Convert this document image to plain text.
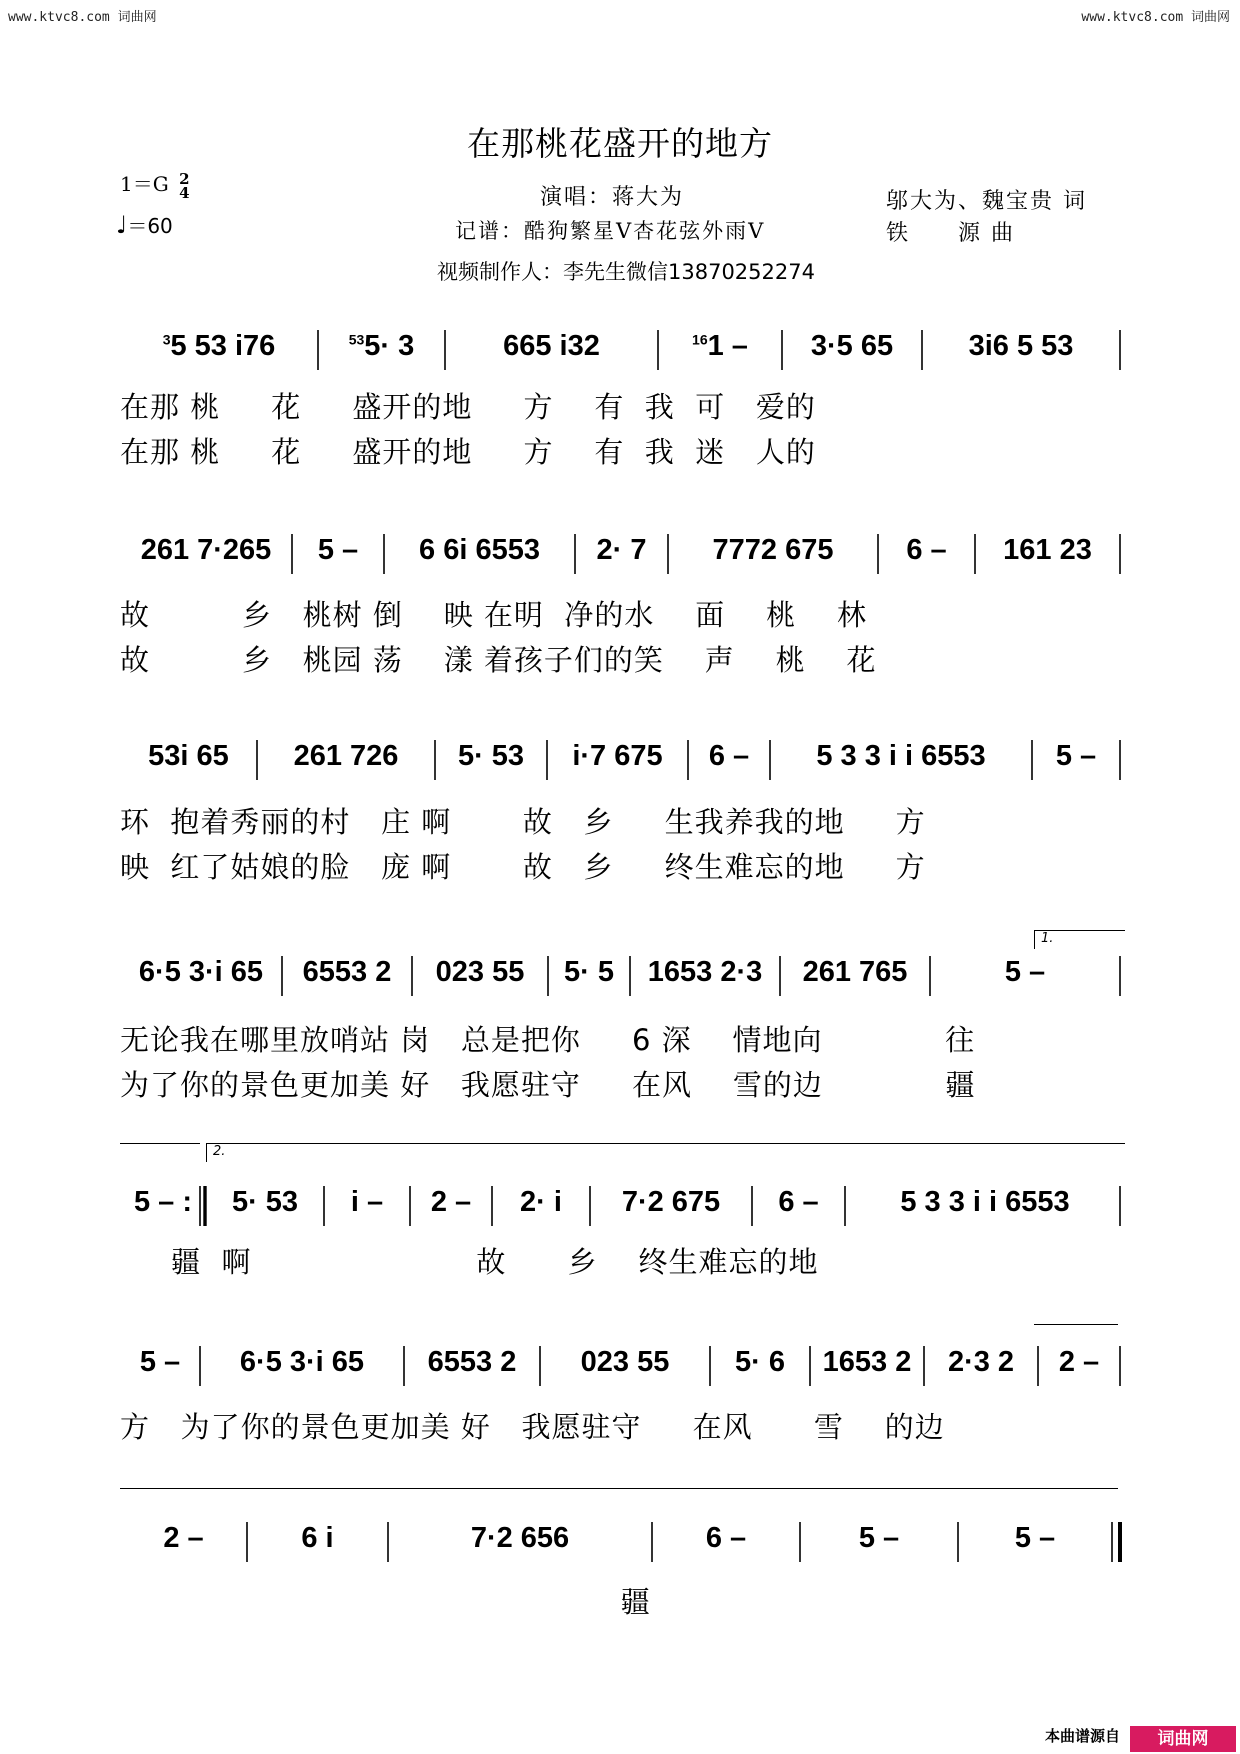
www.ktvc8.com 词曲网	www.ktvc8.com 词曲网
在那桃花盛开的地方
1＝G 2
4
♩＝60
演唱：蒋大为
记谱：酷狗繁星V杏花弦外雨V
视频制作人：李先生微信13870252274
邬大为、魏宝贵 词
铁　　源 曲
$^3$5 53 i76	$^{53}$5· 3	665 i32	$^{16}$1 –	3·5 65	3i6 5 53
在那 桃     花     盛开的地     方    有  我  可   爱的
在那 桃     花     盛开的地     方    有  我  迷   人的
261 7·265	5 –	6 6i 6553	2· 7	7772 675	6 –	161 23
故         乡   桃树 倒    映 在明  净的水    面    桃    林
故         乡   桃园 荡    漾 着孩子们的笑    声    桃    花
53i 65	261 726	5· 53	i·7 675	6 –	5 3 3 i i 6553	5 –
环  抱着秀丽的村   庄 啊       故   乡     生我养我的地     方
映  红了姑娘的脸   庞 啊       故   乡     终生难忘的地     方
1.
6·5 3·i 65	6553 2	023 55	5· 5	1653 2·3	261 765	5 –
无论我在哪里放哨站 岗   总是把你     6 深    情地向            往
为了你的景色更加美 好   我愿驻守     在风    雪的边            疆
2.
5 – :	5· 53	i –	2 –	2· i	7·2 675	6 –	5 3 3 i i 6553
疆  啊                      故      乡    终生难忘的地
5 –	6·5 3·i 65	6553 2	023 55	5· 6	1653 2	2·3 2	2 –
方   为了你的景色更加美 好   我愿驻守     在风      雪    的边
2 –	6 i	7·2 656	6 –	5 –	5 –
疆
本曲谱源自	词曲网
